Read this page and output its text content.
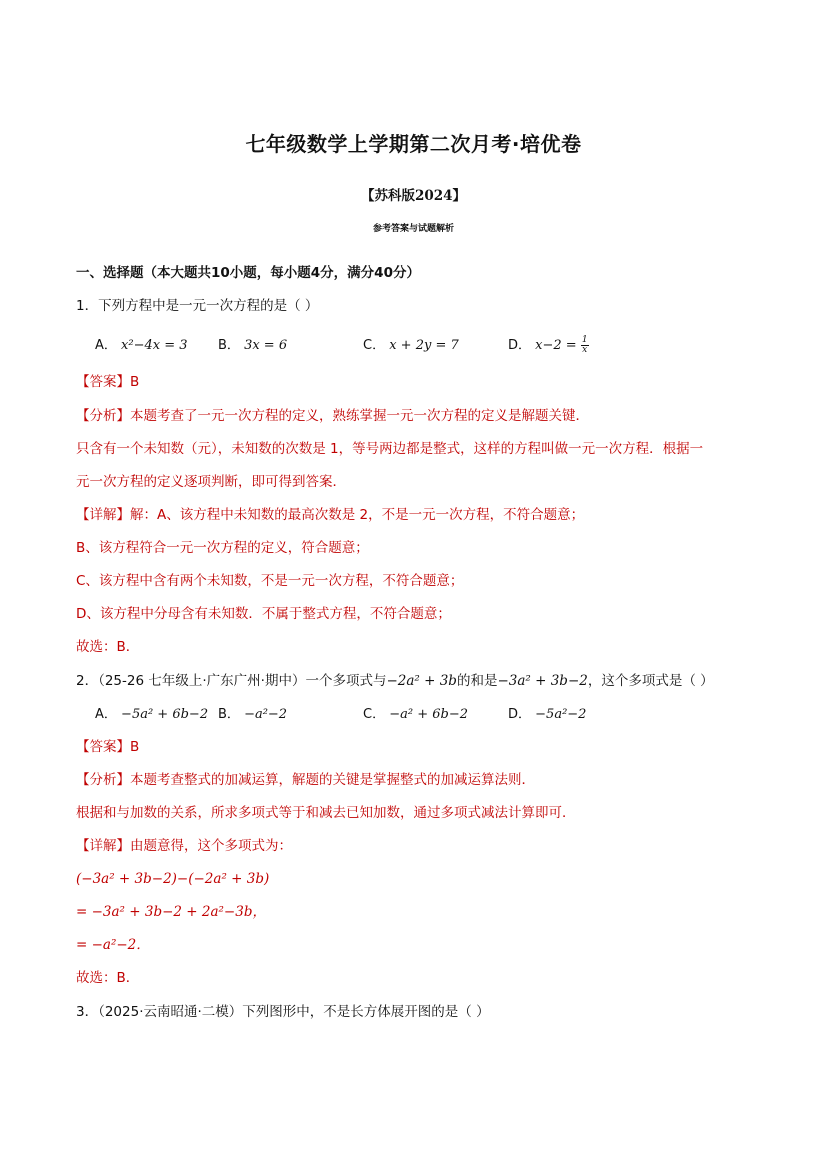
七年级数学上学期第二次月考·培优卷
【苏科版2024】
参考答案与试题解析
一、选择题（本大题共10小题，每小题4分，满分40分）
1．下列方程中是一元一次方程的是（ ）
A． x²−4x = 3 B． 3x = 6	C． x + 2y = 7	D． $x-2 = \frac{1}{x}$
【答案】B
【分析】本题考查了一元一次方程的定义，熟练掌握一元一次方程的定义是解题关键．
只含有一个未知数（元），未知数的次数是 1，等号两边都是整式，这样的方程叫做一元一次方程．根据一
元一次方程的定义逐项判断，即可得到答案．
【详解】解：A、该方程中未知数的最高次数是 2，不是一元一次方程，不符合题意；
B、该方程符合一元一次方程的定义，符合题意；
C、该方程中含有两个未知数，不是一元一次方程，不符合题意；
D、该方程中分母含有未知数．不属于整式方程，不符合题意；
故选：B．
2．（25-26 七年级上·广东广州·期中）一个多项式与−2a² + 3b的和是−3a² + 3b−2，这个多项式是（ ）
A． −5a² + 6b−2 B． −a²−2	C． −a² + 6b−2	D． −5a²−2
【答案】B
【分析】本题考查整式的加减运算，解题的关键是掌握整式的加减运算法则．
根据和与加数的关系，所求多项式等于和减去已知加数，通过多项式减法计算即可．
【详解】由题意得，这个多项式为：
(−3a² + 3b−2)−(−2a² + 3b)
= −3a² + 3b−2 + 2a²−3b，
= −a²−2．
故选：B．
3．（2025·云南昭通·二模）下列图形中，不是长方体展开图的是（ ）
